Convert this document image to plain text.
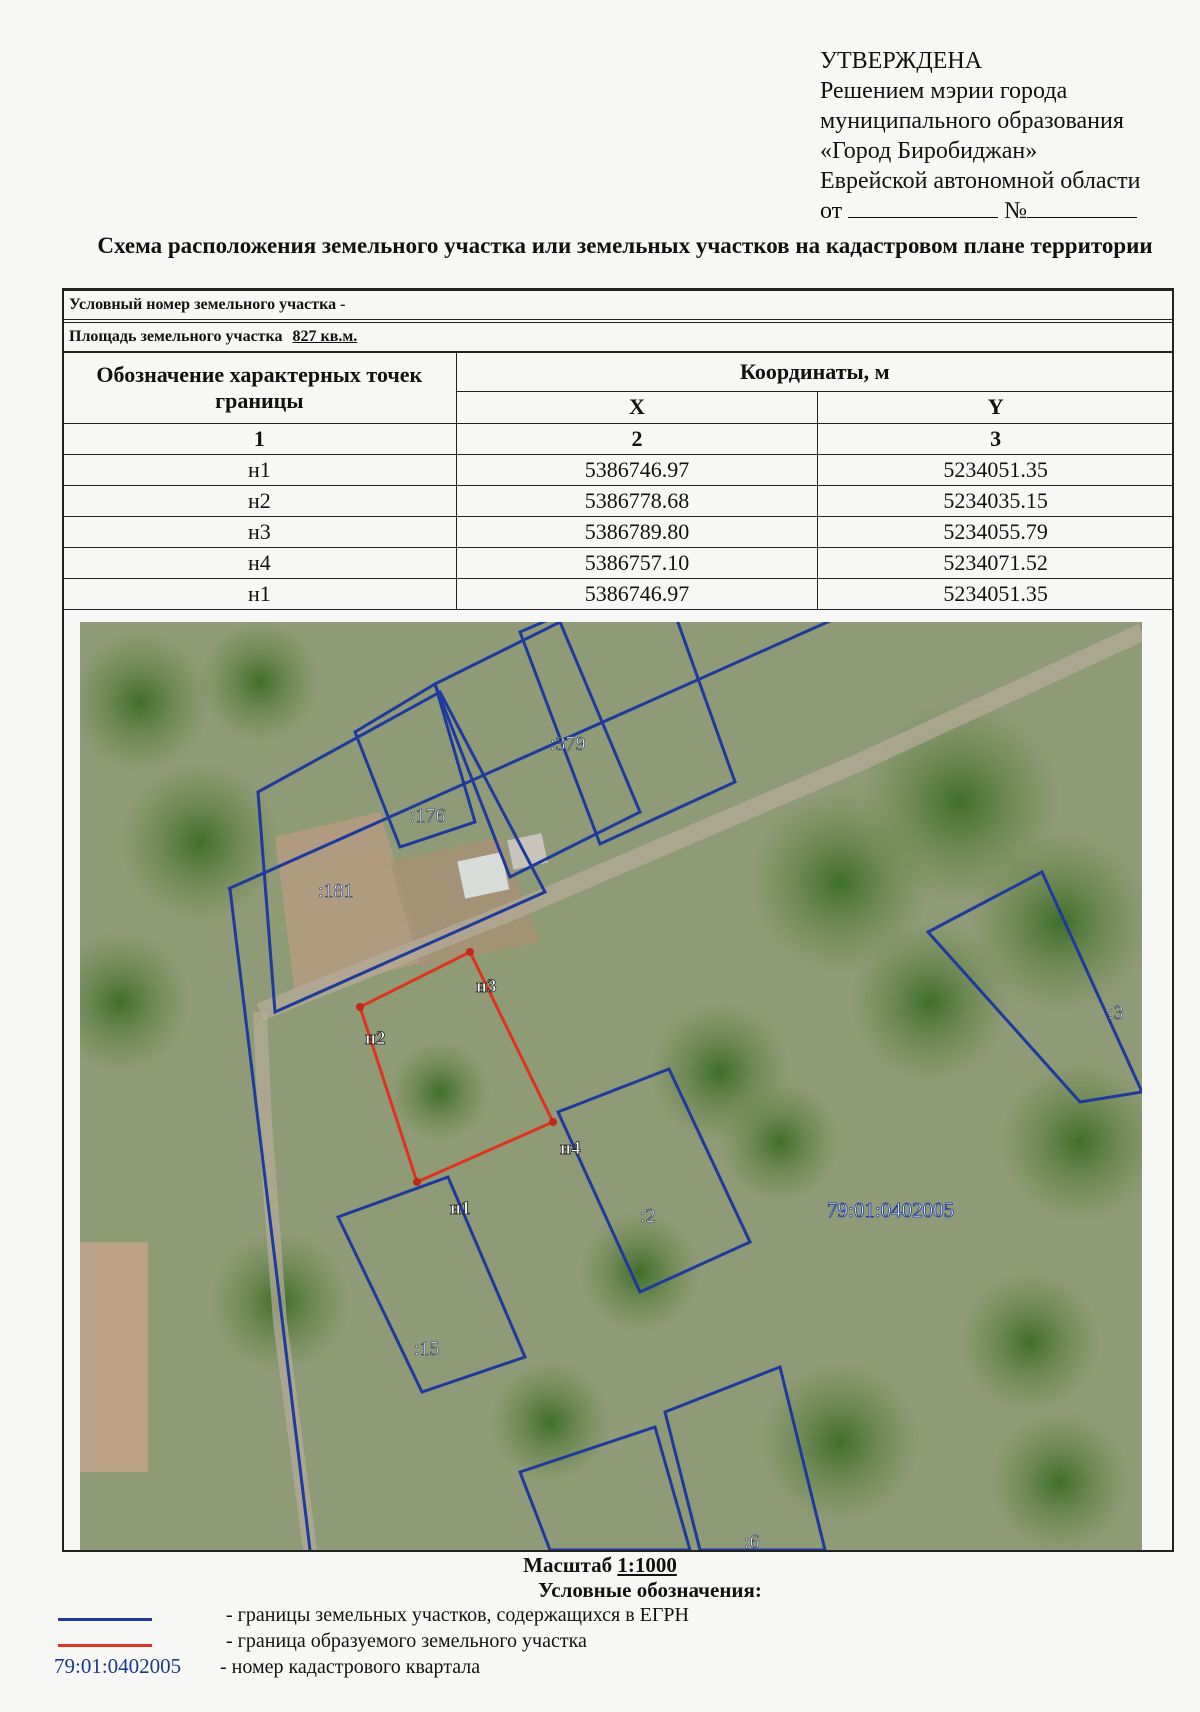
УТВЕРЖДЕНА
Решением мэрии города
муниципального образования
«Город Биробиджан»
Еврейской автономной области
от	№
Схема расположения земельного участка или земельных участков на кадастровом плане территории
Условный номер земельного участка -
Площадь земельного участка 827 кв.м.
Обозначение характерных точек границы	Координаты, м	
	X	Y
1	2	3
н1	5386746.97	5234051.35
н2	5386778.68	5234035.15
н3	5386789.80	5234055.79
н4	5386757.10	5234071.52
н1	5386746.97	5234051.35
:379
:176
:181
:3
:2
:15
:6
н1
н2
н3
н4
79:01:0402005
Масштаб 1:1000
Условные обозначения:
- границы земельных участков, содержащихся в ЕГРН
- граница образуемого земельного участка
79:01:0402005 - номер кадастрового квартала
